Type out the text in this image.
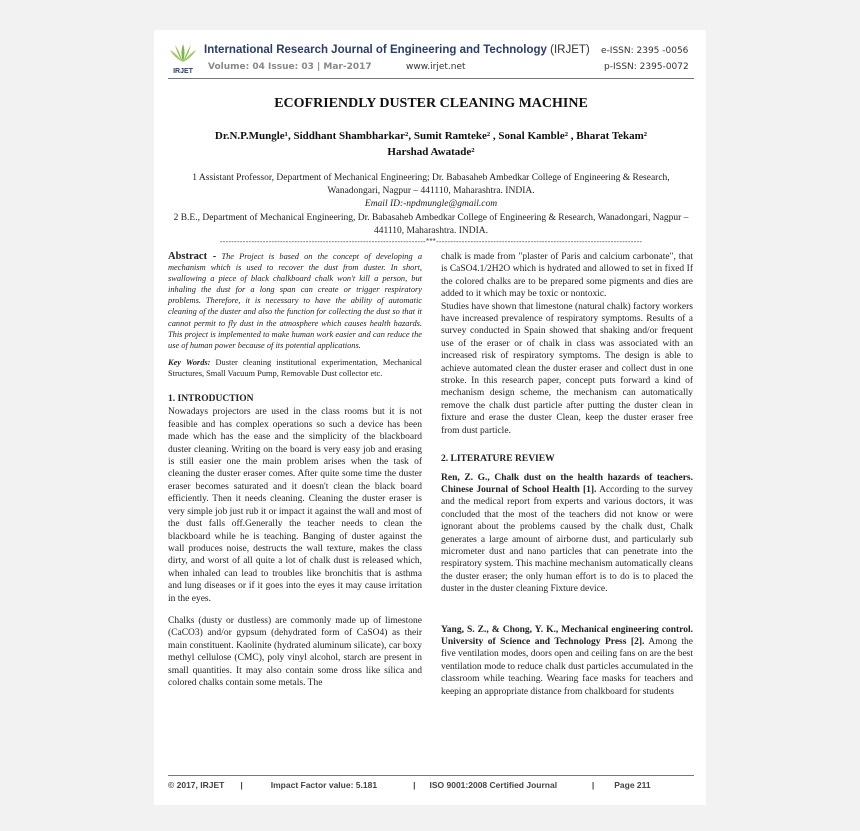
IRJET
International Research Journal of Engineering and Technology (IRJET) e-ISSN: 2395 -0056
Volume: 04 Issue: 03 | Mar-2017	www.irjet.net	p-ISSN: 2395-0072
ECOFRIENDLY DUSTER CLEANING MACHINE
Dr.N.P.Mungle¹, Siddhant Shambharkar², Sumit Ramteke² , Sonal Kamble² , Bharat Tekam²
Harshad Awatade²
1 Assistant Professor, Department of Mechanical Engineering; Dr. Babasaheb Ambedkar College of Engineering & Research, Wanadongari, Nagpur – 441110, Maharashtra. INDIA.
Email ID:-npdmungle@gmail.com
2 B.E., Department of Mechanical Engineering, Dr. Babasaheb Ambedkar College of Engineering & Research, Wanadongari, Nagpur – 441110, Maharashtra. INDIA.
------------------------------------------------------------------------***------------------------------------------------------------------------

Abstract - The Project is based on the concept of developing a mechanism which is used to recover the dust from duster. In short, swallowing a piece of black chalkboard chalk won't kill a person, but inhaling the dust for a long span can create or trigger respiratory problems. Therefore, it is necessary to have the ability of automatic cleaning of the duster and also the function for collecting the dust so that it cannot permit to fly dust in the atmosphere which causes health hazards. This project is implemented to make human work easier and can reduce the use of human power because of its potential applications.

Key Words: Duster cleaning institutional experimentation, Mechanical Structures, Small Vacuum Pump, Removable Dust collector etc.

1. INTRODUCTION

Nowadays projectors are used in the class rooms but it is not feasible and has complex operations so such a device has been made which has the ease and the simplicity of the blackboard duster cleaning. Writing on the board is very easy job and erasing is still easier one the main problem arises when the task of cleaning the duster eraser comes. After quite some time the duster eraser becomes saturated and it doesn't clean the black board efficiently. Then it needs cleaning. Cleaning the duster eraser is very simple job just rub it or impact it against the wall and most of the dust falls off.Generally the teacher needs to clean the blackboard while he is teaching. Banging of duster against the wall produces noise, destructs the wall texture, makes the class dirty, and worst of all quite a lot of chalk dust is released which, when inhaled can lead to troubles like bronchitis that is asthma and lung diseases or if it goes into the eyes it may cause irritation in the eyes.

Chalks (dusty or dustless) are commonly made up of limestone (CaCO3) and/or gypsum (dehydrated form of CaSO4) as their main constituent. Kaolinite (hydrated aluminum silicate), car boxy methyl cellulose (CMC), poly vinyl alcohol, starch are present in small quantities. It may also contain some dross like silica and colored chalks contain some metals. The

chalk is made from "plaster of Paris and calcium carbonate", that is CaSO4.1/2H2O which is hydrated and allowed to set in fixed If the colored chalks are to be prepared some pigments and dies are added to it which may be toxic or nontoxic.

Studies have shown that limestone (natural chalk) factory workers have increased prevalence of respiratory symptoms. Results of a survey conducted in Spain showed that shaking and/or frequent use of the eraser or of chalk in class was associated with an increased risk of respiratory symptoms. The design is able to achieve automated clean the duster eraser and collect dust in one stroke. In this research paper, concept puts forward a kind of mechanism design scheme, the mechanism can automatically remove the chalk dust particle after putting the duster clean in fixture and erase the duster Clean, keep the duster eraser free from dust particle.

2. LITERATURE REVIEW

Ren, Z. G., Chalk dust on the health hazards of teachers. Chinese Journal of School Health [1]. According to the survey and the medical report from experts and various doctors, it was concluded that the most of the teachers did not know or were ignorant about the problems caused by the chalk dust, Chalk generates a large amount of airborne dust, and particularly sub micrometer dust and nano particles that can penetrate into the respiratory system. This machine mechanism automatically cleans the duster eraser; the only human effort is to do is to placed the duster in the duster cleaning Fixture device.

Yang, S. Z., & Chong, Y. K., Mechanical engineering control. University of Science and Technology Press [2]. Among the five ventilation modes, doors open and ceiling fans on are the best ventilation mode to reduce chalk dust particles accumulated in the classroom while teaching. Wearing face masks for teachers and keeping an appropriate distance from chalkboard for students

© 2017, IRJET |	Impact Factor value: 5.181	| ISO 9001:2008 Certified Journal	| Page 211
